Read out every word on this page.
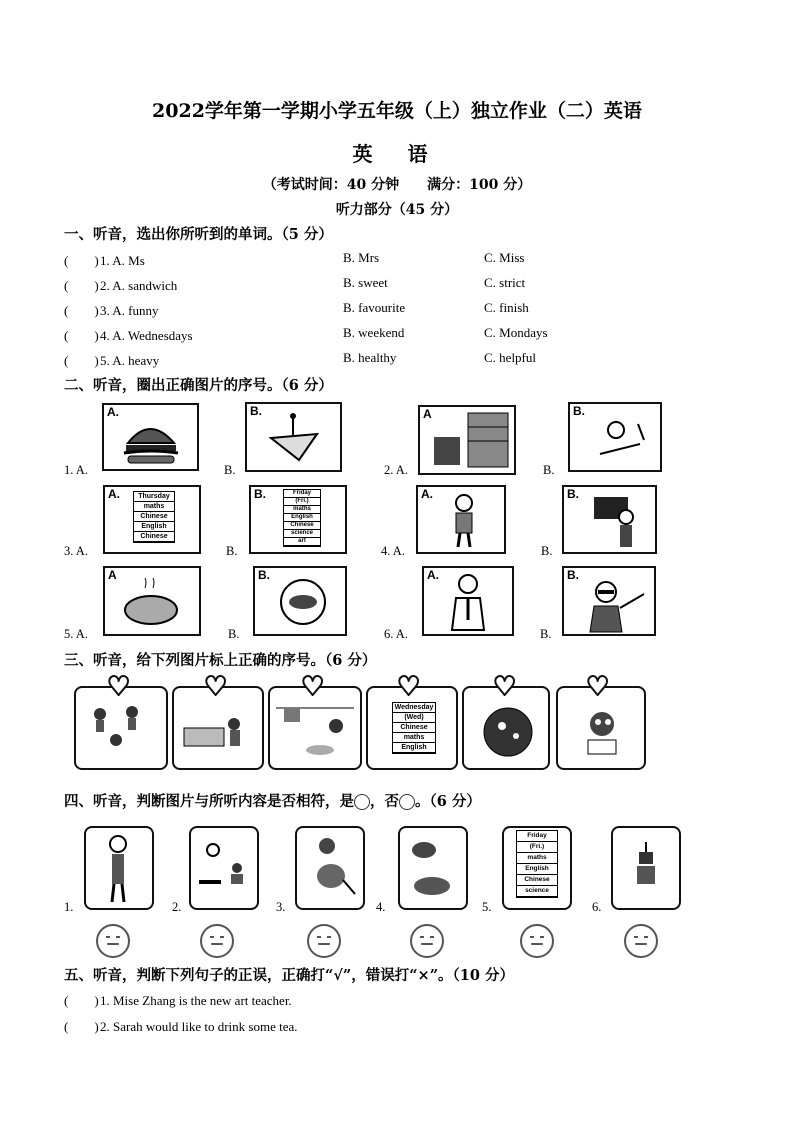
2022学年第一学期小学五年级（上）独立作业（二）英语
英 语
（考试时间：40 分钟　　满分：100 分）
听力部分（45 分）
一、听音，选出你所听到的单词。（5 分）
(　　)1. A. Ms	B. Mrs	C. Miss
(　　)2. A. sandwich	B. sweet	C. strict
(　　)3. A. funny	B. favourite	C. finish
(　　)4. A. Wednesdays	B. weekend	C. Mondays
(　　)5. A. heavy	B. healthy	C. helpful
二、听音，圈出正确图片的序号。（6 分）
1. A.
A.
B.
B.
2. A.
A
B.
B.
3. A.
A.	Thursday
maths
Chinese
English
Chinese
B.
B.	Friday
(Fri.)
maths
English
Chinese
science
art
4. A.
A.
B.
B.
5. A.
A
B.
B.
6. A.
A.
B.
B.
三、听音，给下列图片标上正确的序号。（6 分）
♥	♥	♥
Wednesday
(Wed)
Chinese
maths
English
♥	♥	♥
四、听音，判断图片与所听内容是否相符，是 ，否 。（6 分）
1.	2.	3.	4.	5.
Friday
(Fri.)
maths
English
Chinese
science
6.
五、听音，判断下列句子的正误，正确打“√”，错误打“×”。（10 分）
(　　)1. Mise Zhang is the new art teacher.
(　　)2. Sarah would like to drink some tea.
